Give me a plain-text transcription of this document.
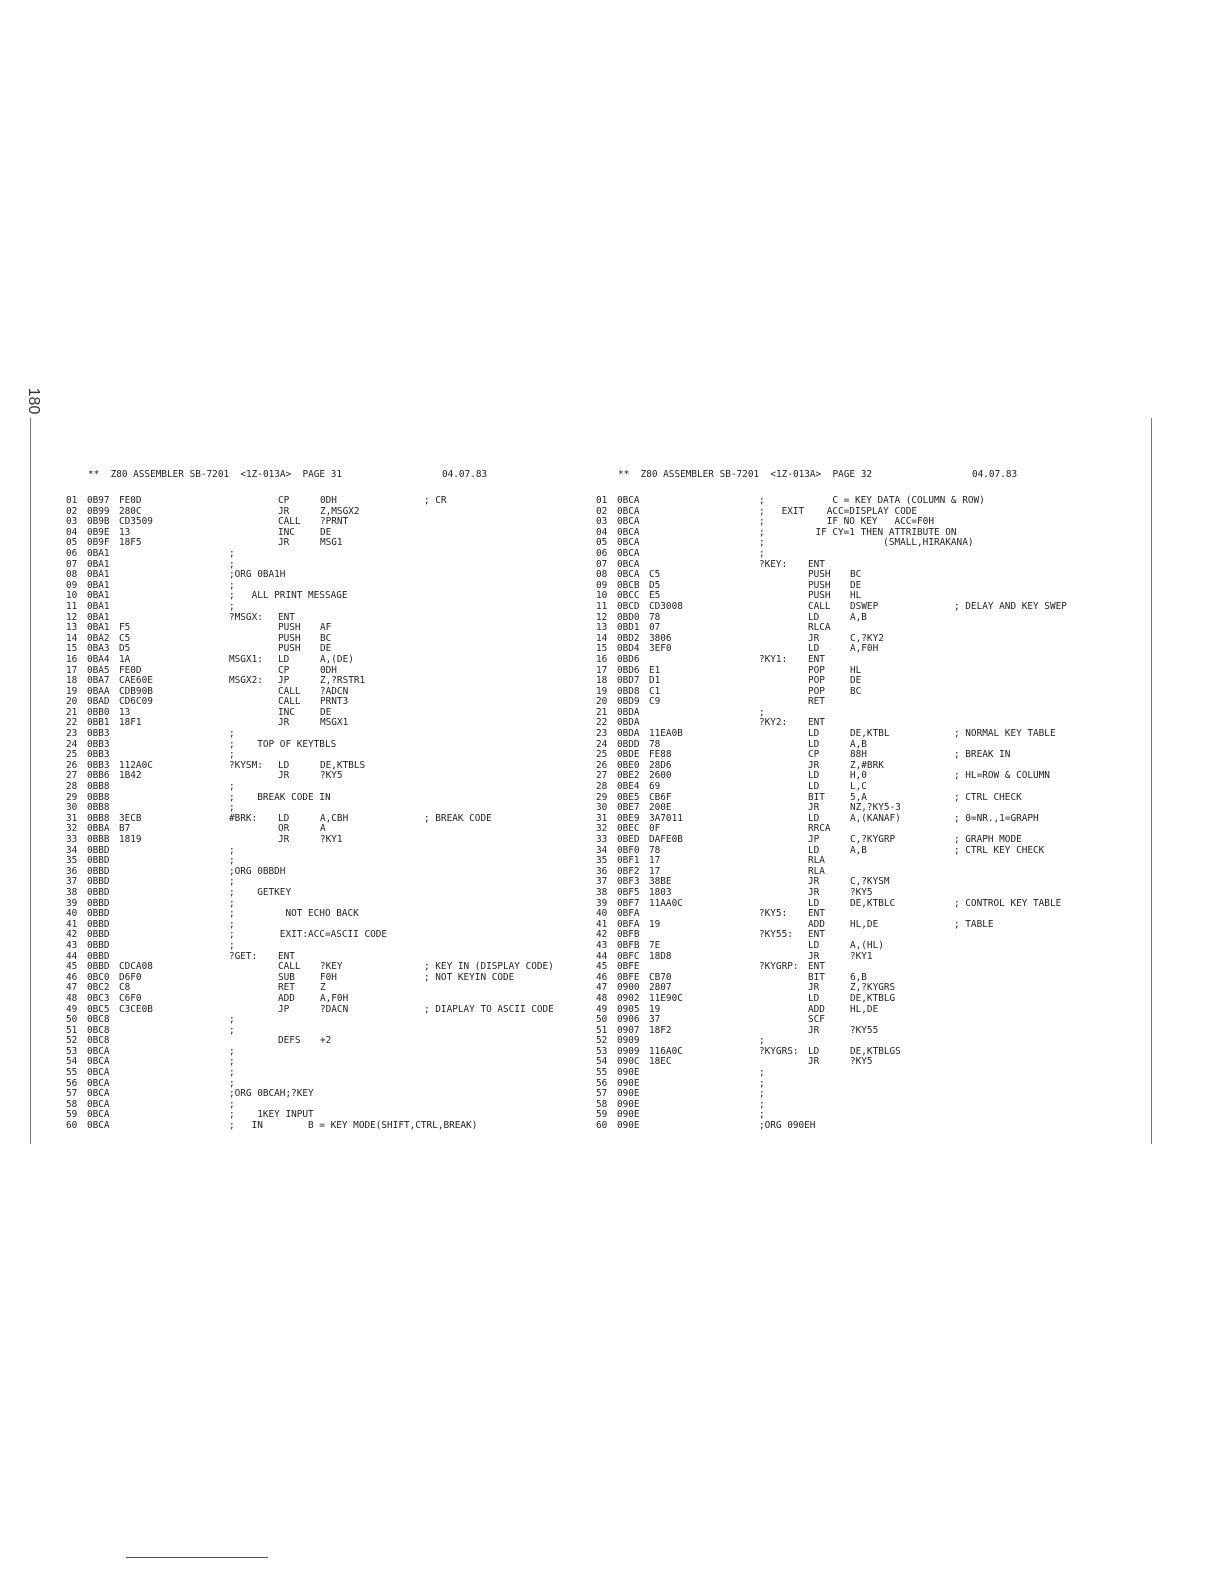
180

**  Z80 ASSEMBLER SB-7201  <1Z-013A>  PAGE 31

	04.07.83

01	0B97 FE0D	CP	0DH	; CR
02	0B99 280C	JR	Z,MSGX2
03	0B9B CD3509	CALL ?PRNT
04	0B9E 13	INC	DE
05	0B9F 18F5	JR	MSG1
06	0BA1	;
07	0BA1	;
08	0BA1	;ORG 0BA1H
09	0BA1	;
10	0BA1	;   ALL PRINT MESSAGE
11	0BA1	;
12	0BA1	?MSGX: ENT
13	0BA1 F5	PUSH AF
14	0BA2 C5	PUSH BC
15	0BA3 D5	PUSH DE
16	0BA4 1A	MSGX1: LD	A,(DE)
17	0BA5 FE0D	CP	0DH
18	0BA7 CAE60E	MSGX2: JP	Z,?RSTR1
19	0BAA CDB90B	CALL ?ADCN
20	0BAD CD6C09	CALL PRNT3
21	0BB0 13	INC	DE
22	0BB1 18F1	JR	MSGX1
23	0BB3	;
24	0BB3	;    TOP OF KEYTBLS
25	0BB3	;
26	0BB3 112A0C	?KYSM: LD	DE,KTBLS
27	0BB6 1B42	JR	?KY5
28	0BB8	;
29	0BB8	;    BREAK CODE IN
30	0BB8	;
31	0BB8 3ECB	#BRK: LD	A,CBH	; BREAK CODE
32	0BBA B7	OR	A
33	0BBB 1819	JR	?KY1
34	0BBD	;
35	0BBD	;
36	0BBD	;ORG 0BBDH
37	0BBD	;
38	0BBD	;    GETKEY
39	0BBD	;
40	0BBD	;         NOT ECHO BACK
41	0BBD	;
42	0BBD	;        EXIT:ACC=ASCII CODE
43	0BBD	;
44	0BBD	?GET: ENT
45	0BBD CDCA08	CALL ?KEY	; KEY IN (DISPLAY CODE)
46	0BC0 D6F0	SUB	F0H	; NOT KEYIN CODE
47	0BC2 C8	RET	Z
48	0BC3 C6F0	ADD	A,F0H
49	0BC5 C3CE0B	JP	?DACN	; DIAPLAY TO ASCII CODE
50	0BC8	;
51	0BC8	;
52	0BC8	DEFS +2
53	0BCA	;
54	0BCA	;
55	0BCA	;
56	0BCA	;
57	0BCA	;ORG 0BCAH;?KEY
58	0BCA	;
59	0BCA	;    1KEY INPUT
60	0BCA	;   IN        B = KEY MODE(SHIFT,CTRL,BREAK)

**  Z80 ASSEMBLER SB-7201  <1Z-013A>  PAGE 32

	04.07.83

01	0BCA	;            C = KEY DATA (COLUMN & ROW)
02	0BCA	;   EXIT    ACC=DISPLAY CODE
03	0BCA	;           IF NO KEY   ACC=F0H
04	0BCA	;         IF CY=1 THEN ATTRIBUTE ON
05	0BCA	;                     (SMALL,HIRAKANA)
06	0BCA	;
07	0BCA	?KEY: ENT
08	0BCA C5	PUSH BC
09	0BCB D5	PUSH DE
10	0BCC E5	PUSH HL
11	0BCD CD3008	CALL DSWEP	; DELAY AND KEY SWEP
12	0BD0 78	LD	A,B
13	0BD1 07	RLCA
14	0BD2 3806	JR	C,?KY2
15	0BD4 3EF0	LD	A,F0H
16	0BD6	?KY1: ENT
17	0BD6 E1	POP	HL
18	0BD7 D1	POP	DE
19	0BD8 C1	POP	BC
20	0BD9 C9	RET
21	0BDA	;
22	0BDA	?KY2: ENT
23	0BDA 11EA0B	LD	DE,KTBL	; NORMAL KEY TABLE
24	0BDD 78	LD	A,B
25	0BDE FE88	CP	88H	; BREAK IN
26	0BE0 28D6	JR	Z,#BRK
27	0BE2 2600	LD	H,0	; HL=ROW & COLUMN
28	0BE4 69	LD	L,C
29	0BE5 CB6F	BIT	5,A	; CTRL CHECK
30	0BE7 200E	JR	NZ,?KY5-3
31	0BE9 3A7011	LD	A,(KANAF)	; 0=NR.,1=GRAPH
32	0BEC 0F	RRCA
33	0BED DAFE0B	JP	C,?KYGRP	; GRAPH MODE
34	0BF0 78	LD	A,B	; CTRL KEY CHECK
35	0BF1 17	RLA
36	0BF2 17	RLA
37	0BF3 38BE	JR	C,?KYSM
38	0BF5 1803	JR	?KY5
39	0BF7 11AA0C	LD	DE,KTBLC	; CONTROL KEY TABLE
40	0BFA	?KY5: ENT
41	0BFA 19	ADD	HL,DE	; TABLE
42	0BFB	?KY55: ENT
43	0BFB 7E	LD	A,(HL)
44	0BFC 18D8	JR	?KY1
45	0BFE	?KYGRP: ENT
46	0BFE CB70	BIT	6,B
47	0900 2807	JR	Z,?KYGRS
48	0902 11E90C	LD	DE,KTBLG
49	0905 19	ADD	HL,DE
50	0906 37	SCF
51	0907 18F2	JR	?KY55
52	0909	;
53	0909 116A0C	?KYGRS: LD	DE,KTBLGS
54	090C 18EC	JR	?KY5
55	090E	;
56	090E	;
57	090E	;
58	090E	;
59	090E	;
60	090E	;ORG 090EH
